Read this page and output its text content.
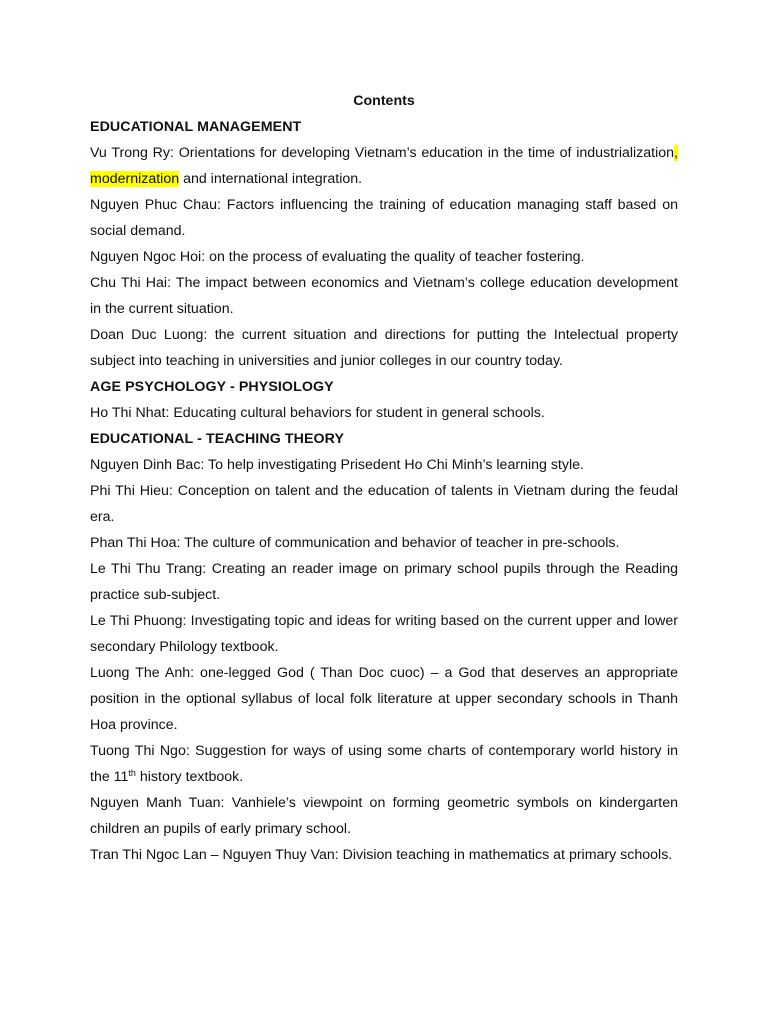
Contents

EDUCATIONAL MANAGEMENT

Vu Trong Ry: Orientations for developing Vietnam’s education in the time of industrialization, modernization and international integration.

Nguyen Phuc Chau: Factors influencing the training of education managing staff based on social demand.

Nguyen Ngoc Hoi: on the process of evaluating the quality of teacher fostering.

Chu Thi Hai: The impact between economics and Vietnam’s college education development in the current situation.

Doan Duc Luong: the current situation and directions for putting the Intelectual property subject into teaching in universities and junior colleges in our country today.

AGE PSYCHOLOGY - PHYSIOLOGY

Ho Thi Nhat: Educating cultural behaviors for student in general schools.

EDUCATIONAL - TEACHING THEORY

Nguyen Dinh Bac: To help investigating Prisedent Ho Chi Minh’s learning style.

Phi Thi Hieu: Conception on talent and the education of talents in Vietnam during the feudal era.

Phan Thi Hoa: The culture of communication and behavior of teacher in pre-schools.

Le Thi Thu Trang: Creating an reader image on primary school pupils through the Reading practice sub-subject.

Le Thi Phuong: Investigating topic and ideas for writing based on the current upper and lower secondary Philology textbook.

Luong The Anh: one-legged God ( Than Doc cuoc) – a God that deserves an appropriate position in the optional syllabus of local folk literature at upper secondary schools in Thanh Hoa province.

Tuong Thi Ngo: Suggestion for ways of using some charts of contemporary world history in the 11th history textbook.

Nguyen Manh Tuan: Vanhiele’s viewpoint on forming geometric symbols on kindergarten children an pupils of early primary school.

Tran Thi Ngoc Lan – Nguyen Thuy Van: Division teaching in mathematics at primary schools.
